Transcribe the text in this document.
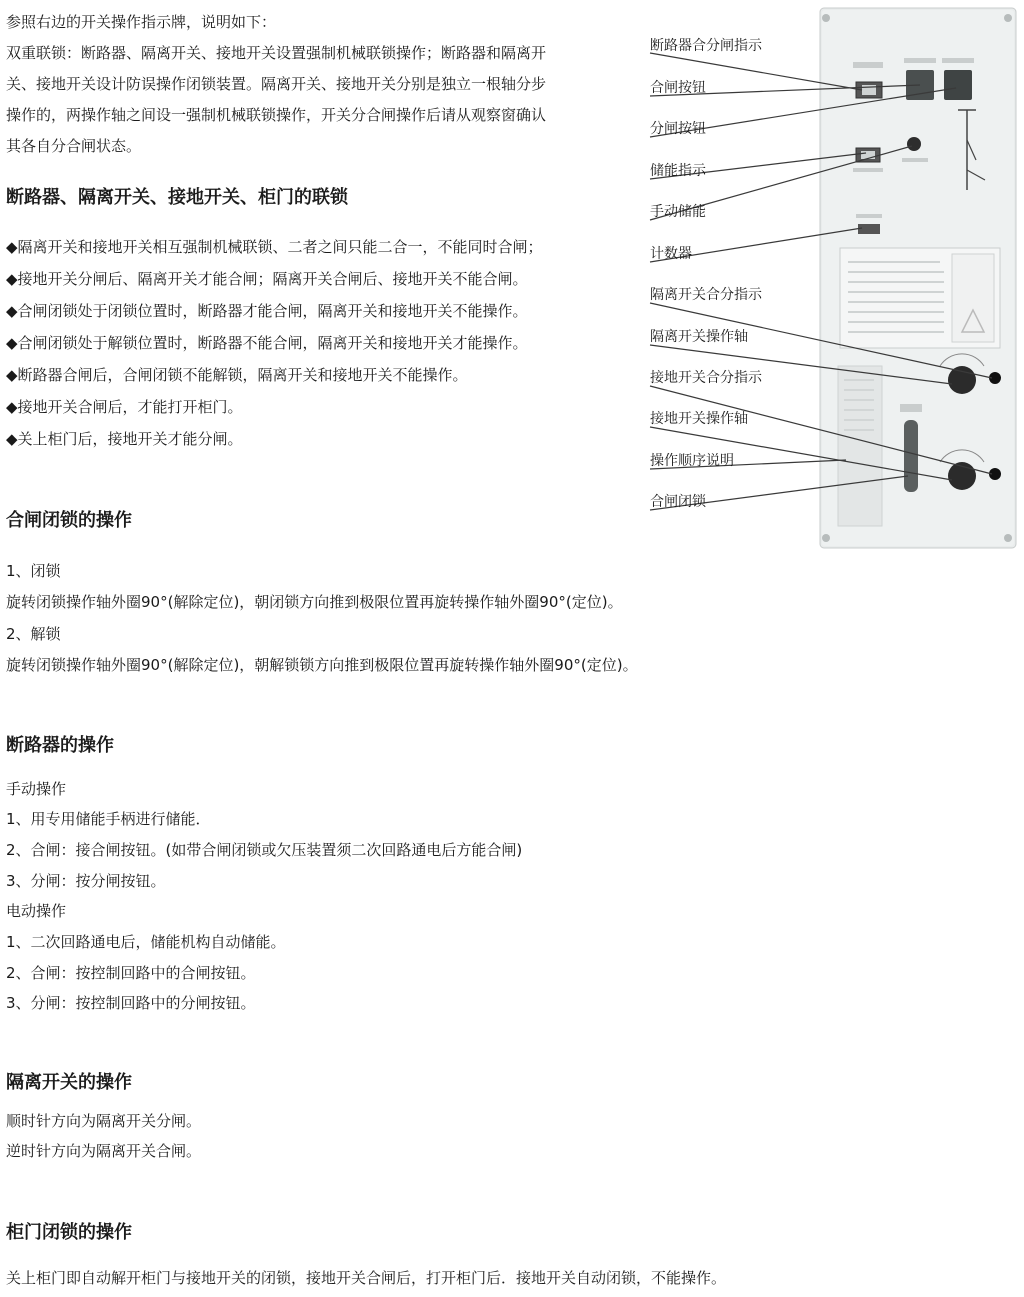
参照右边的开关操作指示牌，说明如下：

双重联锁：断路器、隔离开关、接地开关设置强制机械联锁操作；断路器和隔离开

关、接地开关设计防误操作闭锁装置。隔离开关、接地开关分别是独立一根轴分步

操作的，两操作轴之间设一强制机械联锁操作，开关分合闸操作后请从观察窗确认

其各自分合闸状态。

断路器、隔离开关、接地开关、柜门的联锁

◆隔离开关和接地开关相互强制机械联锁、二者之间只能二合一，不能同时合闸；

◆接地开关分闸后、隔离开关才能合闸；隔离开关合闸后、接地开关不能合闸。

◆合闸闭锁处于闭锁位置时，断路器才能合闸，隔离开关和接地开关不能操作。

◆合闸闭锁处于解锁位置时，断路器不能合闸，隔离开关和接地开关才能操作。

◆断路器合闸后，合闸闭锁不能解锁，隔离开关和接地开关不能操作。

◆接地开关合闸后，才能打开柜门。

◆关上柜门后，接地开关才能分闸。

合闸闭锁的操作

1、闭锁

旋转闭锁操作轴外圈90°(解除定位)，朝闭锁方向推到极限位置再旋转操作轴外圈90°(定位)。

2、解锁

旋转闭锁操作轴外圈90°(解除定位)，朝解锁锁方向推到极限位置再旋转操作轴外圈90°(定位)。

断路器的操作

手动操作

1、用专用储能手柄进行储能．

2、合闸：接合闸按钮。(如带合闸闭锁或欠压装置须二次回路通电后方能合闸)

3、分闸：按分闸按钮。

电动操作

1、二次回路通电后，储能机构自动储能。

2、合闸：按控制回路中的合闸按钮。

3、分闸：按控制回路中的分闸按钮。

隔离开关的操作

顺时针方向为隔离开关分闸。

逆时针方向为隔离开关合闸。

柜门闭锁的操作

关上柜门即自动解开柜门与接地开关的闭锁，接地开关合闸后，打开柜门后．接地开关自动闭锁，不能操作。

断路器合分闸指示
合闸按钮
分闸按钮
储能指示
手动储能
计数器
隔离开关合分指示
隔离开关操作轴
接地开关合分指示
接地开关操作轴
操作顺序说明
合闸闭锁
